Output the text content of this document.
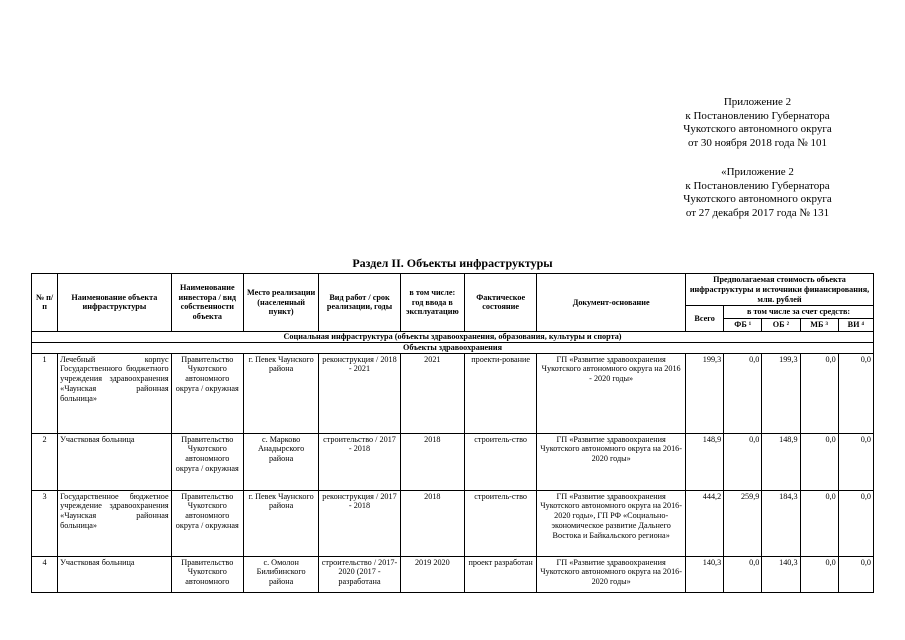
Приложение 2
к Постановлению Губернатора
Чукотского автономного округа
от 30 ноября 2018 года № 101
«Приложение 2
к Постановлению Губернатора
Чукотского автономного округа
от 27 декабря 2017 года № 131
Раздел II. Объекты инфраструктуры
№ п/п	Наименование объекта инфраструктуры	Наименование инвестора / вид собственности объекта	Место реализации (населенный пункт)	Вид работ / срок реализации, годы	в том числе: год ввода в эксплуатацию	Фактическое состояние	Документ-основание	Предполагаемая стоимость объекта инфраструктуры и источники финансирования, млн. рублей				
								Всего	в том числе за счет средств:			
									ФБ ¹	ОБ ²	МБ ³	ВИ ⁴
Социальная инфраструктура (объекты здравоохранения, образования, культуры и спорта)												
Объекты здравоохранения												
1	Лечебный корпус Государственного бюджетного учреждения здравоохранения «Чаунская районная больница»	Правительство Чукотского автономного округа / окружная	г. Певек Чаунского района	реконструкция / 2018 - 2021	2021	проекти-рование	ГП «Развитие здравоохранения Чукотского автономного округа на 2016 - 2020 годы»	199,3	0,0	199,3	0,0	0,0
2	Участковая больница	Правительство Чукотского автономного округа / окружная	с. Марково Анадырского района	строительство / 2017 - 2018	2018	строитель-ство	ГП «Развитие здравоохранения Чукотского автономного округа на 2016-2020 годы»	148,9	0,0	148,9	0,0	0,0
3	Государственное бюджетное учреждение здравоохранения «Чаунская районная больница»	Правительство Чукотского автономного округа / окружная	г. Певек Чаунского района	реконструкция / 2017 - 2018	2018	строитель-ство	ГП «Развитие здравоохранения Чукотского автономного округа на 2016-2020 годы», ГП РФ «Социально-экономическое развитие Дальнего Востока и Байкальского региона»	444,2	259,9	184,3	0,0	0,0
4	Участковая больница	Правительство Чукотского автономного	с. Омолон Билибинского района	строительство / 2017-2020 (2017 - разработана	2019 2020	проект разработан	ГП «Развитие здравоохранения Чукотского автономного округа на 2016-2020 годы»	140,3	0,0	140,3	0,0	0,0
